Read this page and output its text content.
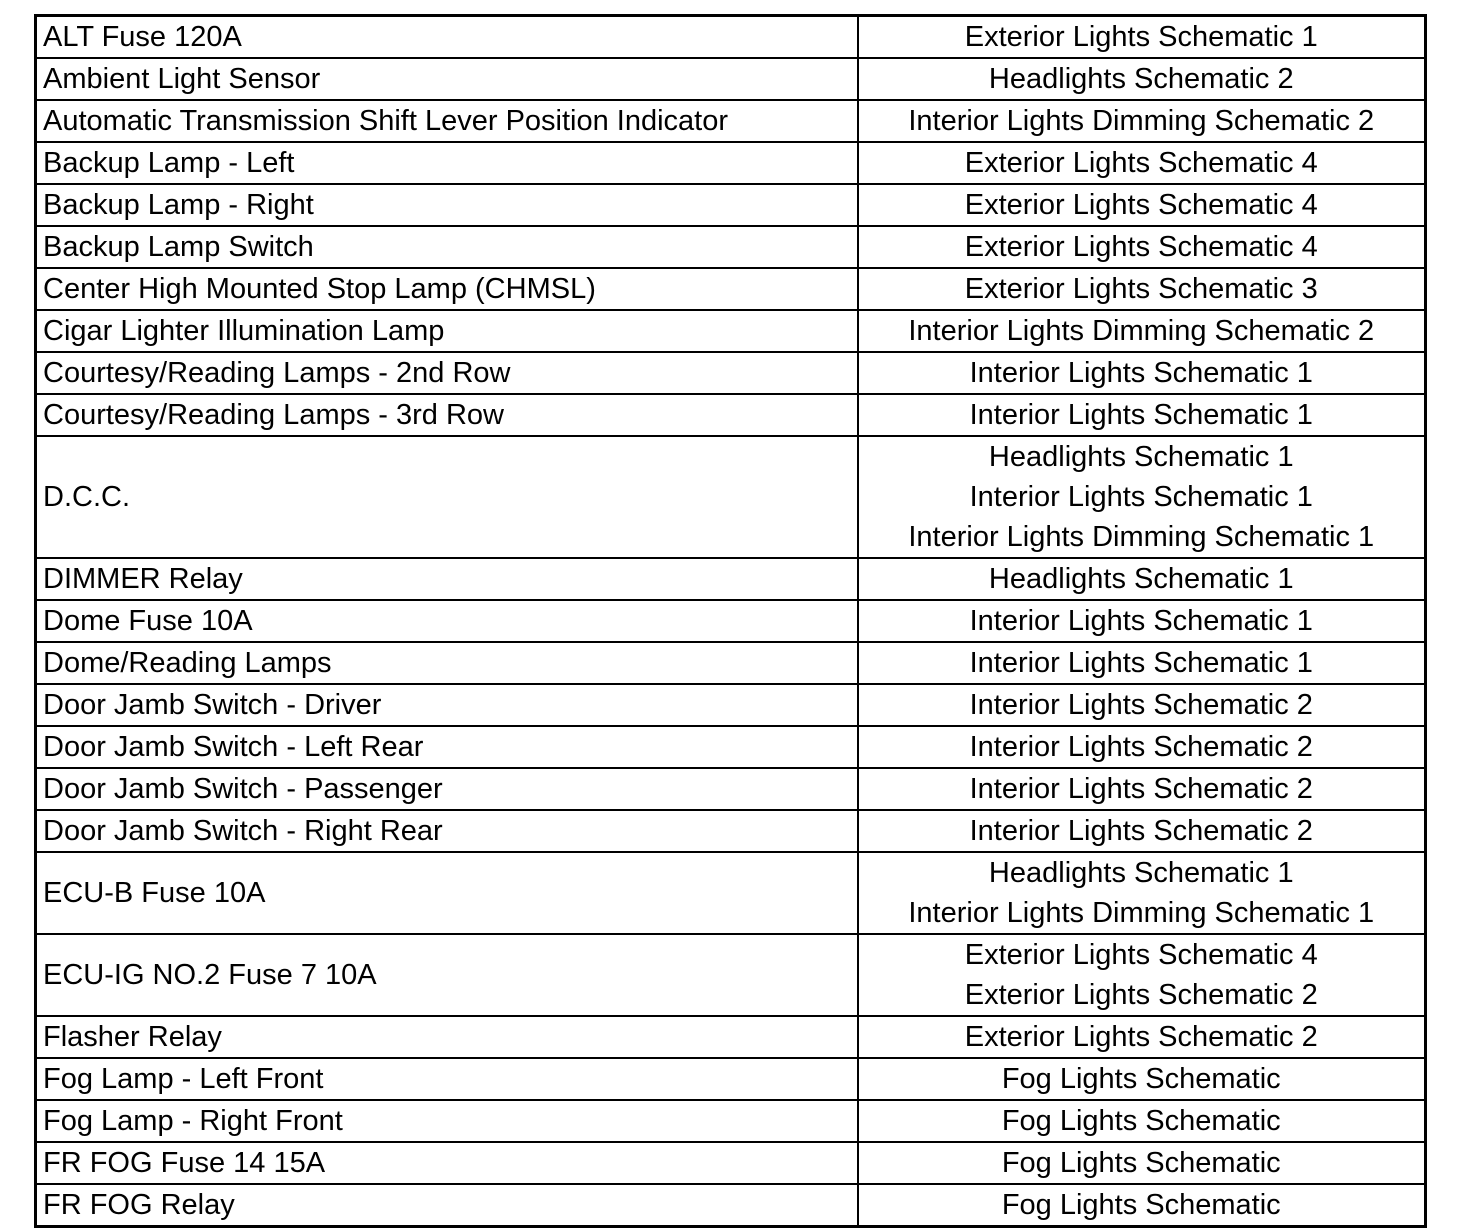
ALT Fuse 120A	Exterior Lights Schematic 1

Ambient Light Sensor	Headlights Schematic 2

Automatic Transmission Shift Lever Position Indicator	Interior Lights Dimming Schematic 2

Backup Lamp - Left	Exterior Lights Schematic 4

Backup Lamp - Right	Exterior Lights Schematic 4

Backup Lamp Switch	Exterior Lights Schematic 4

Center High Mounted Stop Lamp (CHMSL)	Exterior Lights Schematic 3

Cigar Lighter Illumination Lamp	Interior Lights Dimming Schematic 2

Courtesy/Reading Lamps - 2nd Row	Interior Lights Schematic 1

Courtesy/Reading Lamps - 3rd Row	Interior Lights Schematic 1

D.C.C.	Headlights Schematic 1
Interior Lights Schematic 1
Interior Lights Dimming Schematic 1

DIMMER Relay	Headlights Schematic 1

Dome Fuse 10A	Interior Lights Schematic 1

Dome/Reading Lamps	Interior Lights Schematic 1

Door Jamb Switch - Driver	Interior Lights Schematic 2

Door Jamb Switch - Left Rear	Interior Lights Schematic 2

Door Jamb Switch - Passenger	Interior Lights Schematic 2

Door Jamb Switch - Right Rear	Interior Lights Schematic 2

ECU-B Fuse 10A	Headlights Schematic 1
Interior Lights Dimming Schematic 1

ECU-IG NO.2 Fuse 7 10A	Exterior Lights Schematic 4
Exterior Lights Schematic 2

Flasher Relay	Exterior Lights Schematic 2

Fog Lamp - Left Front	Fog Lights Schematic

Fog Lamp - Right Front	Fog Lights Schematic

FR FOG Fuse 14 15A	Fog Lights Schematic

FR FOG Relay	Fog Lights Schematic
